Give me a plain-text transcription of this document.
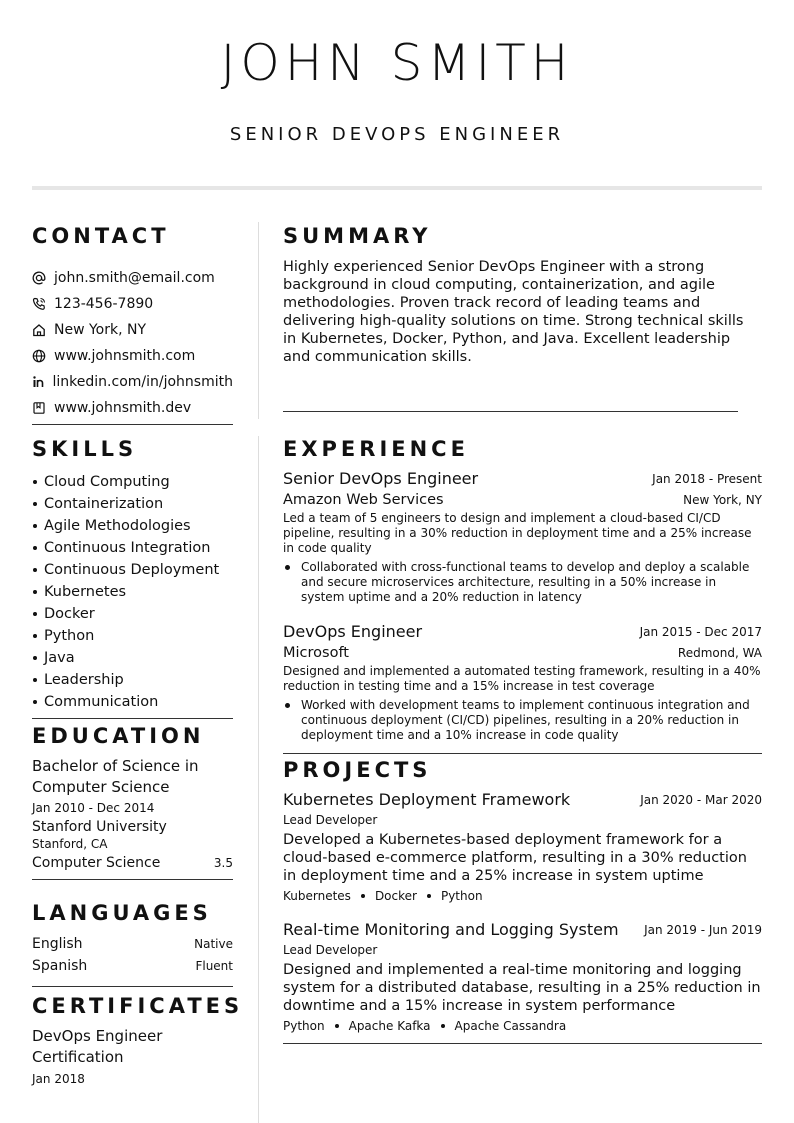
JOHN SMITH
SENIOR DEVOPS ENGINEER
CONTACT
john.smith@email.com
123-456-7890
New York, NY
www.johnsmith.com
linkedin.com/in/johnsmith
www.johnsmith.dev
SKILLS
Cloud Computing
Containerization
Agile Methodologies
Continuous Integration
Continuous Deployment
Kubernetes
Docker
Python
Java
Leadership
Communication
EDUCATION
Bachelor of Science in Computer Science
Jan 2010 - Dec 2014
Stanford University
Stanford, CA
Computer Science	3.5
LANGUAGES
English	Native
Spanish	Fluent
CERTIFICATES
DevOps Engineer Certification
Jan 2018
SUMMARY
Highly experienced Senior DevOps Engineer with a strong background in cloud computing, containerization, and agile methodologies. Proven track record of leading teams and delivering high-quality solutions on time. Strong technical skills in Kubernetes, Docker, Python, and Java. Excellent leadership and communication skills.
EXPERIENCE
Senior DevOps Engineer	Jan 2018 - Present
Amazon Web Services	New York, NY
Led a team of 5 engineers to design and implement a cloud-based CI/CD pipeline, resulting in a 30% reduction in deployment time and a 25% increase in code quality
Collaborated with cross-functional teams to develop and deploy a scalable and secure microservices architecture, resulting in a 50% increase in system uptime and a 20% reduction in latency
DevOps Engineer	Jan 2015 - Dec 2017
Microsoft	Redmond, WA
Designed and implemented a automated testing framework, resulting in a 40% reduction in testing time and a 15% increase in test coverage
Worked with development teams to implement continuous integration and continuous deployment (CI/CD) pipelines, resulting in a 20% reduction in deployment time and a 10% increase in code quality
PROJECTS
Kubernetes Deployment Framework	Jan 2020 - Mar 2020
Lead Developer
Developed a Kubernetes-based deployment framework for a cloud-based e-commerce platform, resulting in a 30% reduction in deployment time and a 25% increase in system uptime
Kubernetes Docker Python
Real-time Monitoring and Logging System Jan 2019 - Jun 2019
Lead Developer
Designed and implemented a real-time monitoring and logging system for a distributed database, resulting in a 25% reduction in downtime and a 15% increase in system performance
Python Apache Kafka Apache Cassandra
